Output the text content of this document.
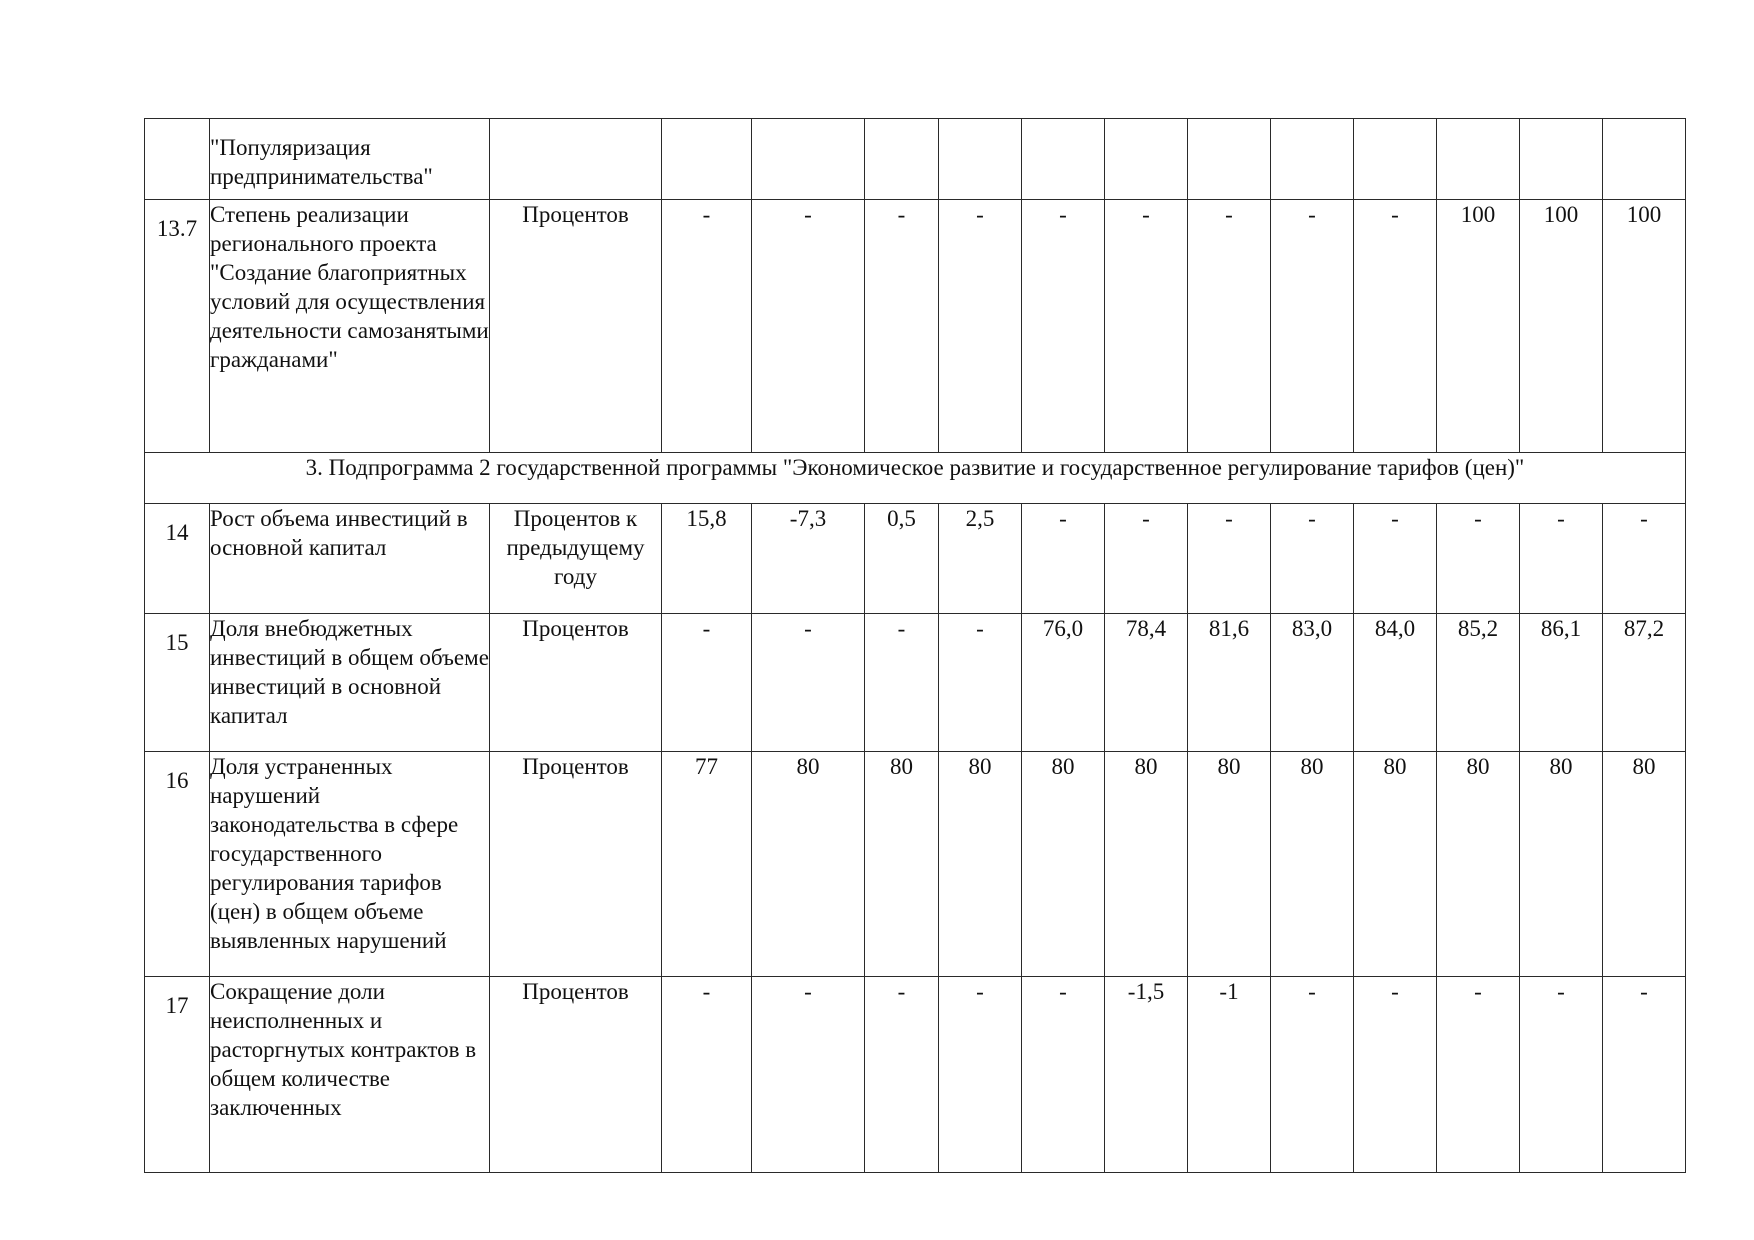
	"Популяризация предпринимательства"													
13.7	Степень реализации регионального проекта "Создание благоприятных условий для осуществления деятельности самозанятыми гражданами"	Процентов	-	-	-	-	-	-	-	-	-	100	100	100
3. Подпрограмма 2 государственной программы "Экономическое развитие и государственное регулирование тарифов (цен)"														
14	Рост объема инвестиций в основной капитал	Процентов к предыдущему году	15,8	-7,3	0,5	2,5	-	-	-	-	-	-	-	-
15	Доля внебюджетных инвестиций в общем объеме инвестиций в основной капитал	Процентов	-	-	-	-	76,0	78,4	81,6	83,0	84,0	85,2	86,1	87,2
16	Доля устраненных нарушений законодательства в сфере государственного регулирования тарифов (цен) в общем объеме выявленных нарушений	Процентов	77	80	80	80	80	80	80	80	80	80	80	80
17	Сокращение доли неисполненных и расторгнутых контрактов в общем количестве заключенных	Процентов	-	-	-	-	-	-1,5	-1	-	-	-	-	-
